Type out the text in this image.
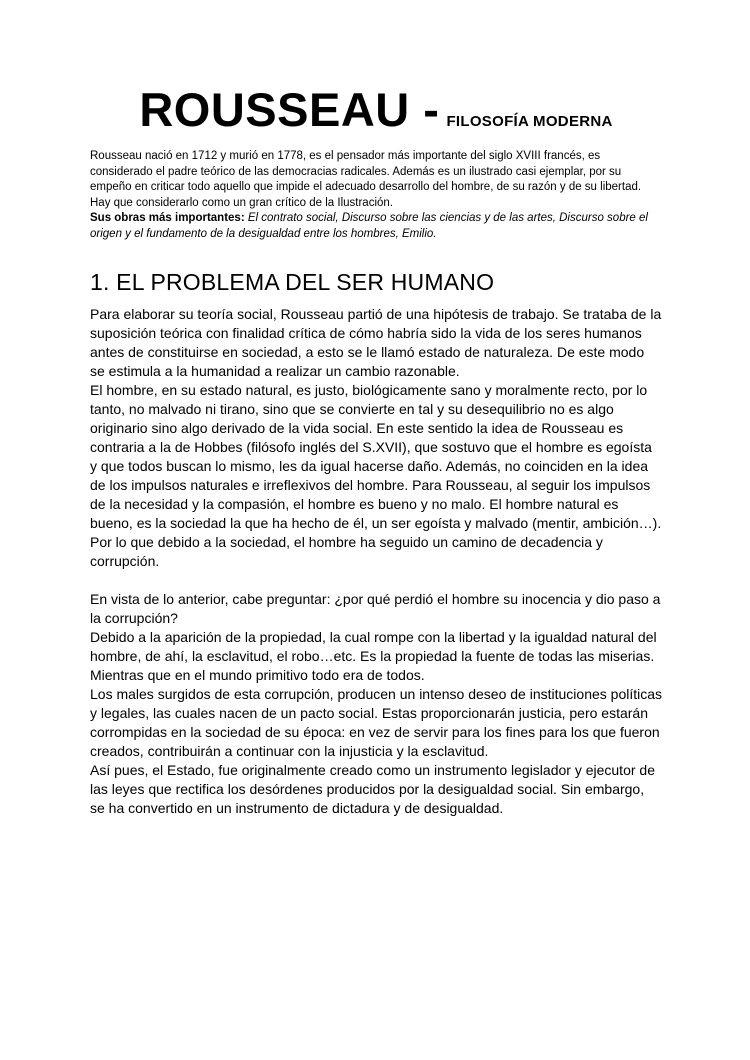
ROUSSEAU - FILOSOFÍA MODERNA

Rousseau nació en 1712 y murió en 1778, es el pensador más importante del siglo XVIII francés, es considerado el padre teórico de las democracias radicales. Además es un ilustrado casi ejemplar, por su empeño en criticar todo aquello que impide el adecuado desarrollo del hombre, de su razón y de su libertad. Hay que considerarlo como un gran crítico de la Ilustración.

Sus obras más importantes: El contrato social, Discurso sobre las ciencias y de las artes, Discurso sobre el origen y el fundamento de la desigualdad entre los hombres, Emilio.

1. EL PROBLEMA DEL SER HUMANO

Para elaborar su teoría social, Rousseau partió de una hipótesis de trabajo. Se trataba de la suposición teórica con finalidad crítica de cómo habría sido la vida de los seres humanos antes de constituirse en sociedad, a esto se le llamó estado de naturaleza. De este modo se estimula a la humanidad a realizar un cambio razonable.

El hombre, en su estado natural, es justo, biológicamente sano y moralmente recto, por lo tanto, no malvado ni tirano, sino que se convierte en tal y su desequilibrio no es algo originario sino algo derivado de la vida social. En este sentido la idea de Rousseau es contraria a la de Hobbes (filósofo inglés del S.XVII), que sostuvo que el hombre es egoísta y que todos buscan lo mismo, les da igual hacerse daño. Además, no coinciden en la idea de los impulsos naturales e irreflexivos del hombre. Para Rousseau, al seguir los impulsos de la necesidad y la compasión, el hombre es bueno y no malo. El hombre natural es bueno, es la sociedad la que ha hecho de él, un ser egoísta y malvado (mentir, ambición…). Por lo que debido a la sociedad, el hombre ha seguido un camino de decadencia y corrupción.

En vista de lo anterior, cabe preguntar: ¿por qué perdió el hombre su inocencia y dio paso a la corrupción?

Debido a la aparición de la propiedad, la cual rompe con la libertad y la igualdad natural del hombre, de ahí, la esclavitud, el robo…etc. Es la propiedad la fuente de todas las miserias. Mientras que en el mundo primitivo todo era de todos.

Los males surgidos de esta corrupción, producen un intenso deseo de instituciones políticas y legales, las cuales nacen de un pacto social. Estas proporcionarán justicia, pero estarán corrompidas en la sociedad de su época: en vez de servir para los fines para los que fueron creados, contribuirán a continuar con la injusticia y la esclavitud.

Así pues, el Estado, fue originalmente creado como un instrumento legislador y ejecutor de las leyes que rectifica los desórdenes producidos por la desigualdad social. Sin embargo, se ha convertido en un instrumento de dictadura y de desigualdad.
